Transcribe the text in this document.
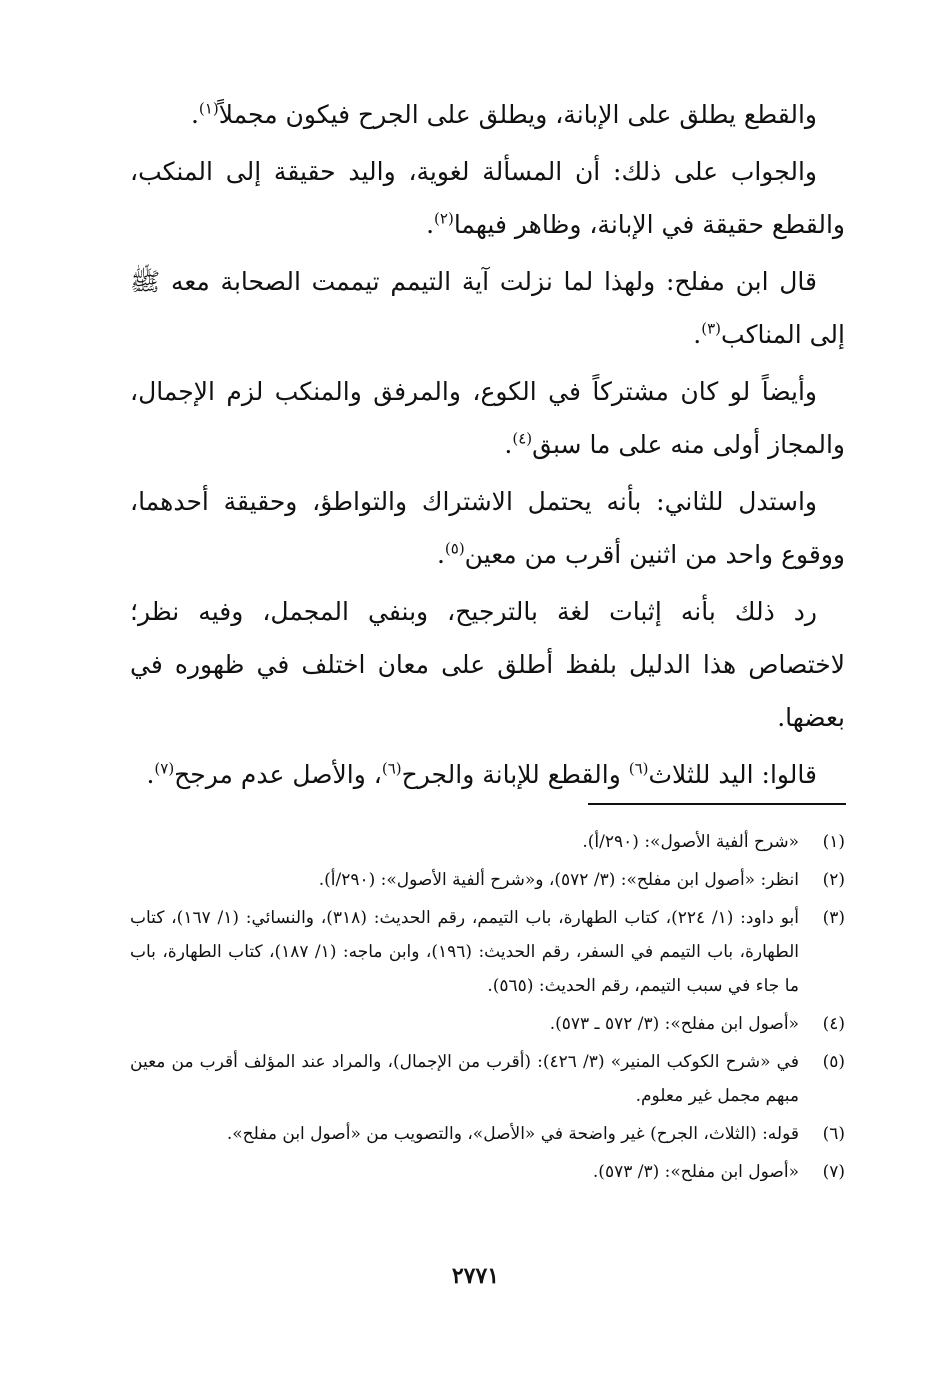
والقطع يطلق على الإبانة، ويطلق على الجرح فيكون مجملاً$^{(١)}$.

والجواب على ذلك: أن المسألة لغوية، واليد حقيقة إلى المنكب، والقطع حقيقة في الإبانة، وظاهر فيهما$^{(٢)}$.

قال ابن مفلح: ولهذا لما نزلت آية التيمم تيممت الصحابة معه ﷺ إلى المناكب$^{(٣)}$.

وأيضاً لو كان مشتركاً في الكوع، والمرفق والمنكب لزم الإجمال، والمجاز أولى منه على ما سبق$^{(٤)}$.

واستدل للثاني: بأنه يحتمل الاشتراك والتواطؤ، وحقيقة أحدهما، ووقوع واحد من اثنين أقرب من معين$^{(٥)}$.

رد ذلك بأنه إثبات لغة بالترجيح، وبنفي المجمل، وفيه نظر؛ لاختصاص هذا الدليل بلفظ أطلق على معان اختلف في ظهوره في بعضها.

قالوا: اليد للثلاث$^{(٦)}$ والقطع للإبانة والجرح$^{(٦)}$، والأصل عدم مرجح$^{(٧)}$.

(١)
«شرح ألفية الأصول»: (٢٩٠/أ).
(٢)
انظر: «أصول ابن مفلح»: (٣/ ٥٧٢)، و«شرح ألفية الأصول»: (٢٩٠/أ).
(٣)
أبو داود: (١/ ٢٢٤)، كتاب الطهارة، باب التيمم، رقم الحديث: (٣١٨)، والنسائي: (١/ ١٦٧)، كتاب الطهارة، باب التيمم في السفر، رقم الحديث: (١٩٦)، وابن ماجه: (١/ ١٨٧)، كتاب الطهارة، باب ما جاء في سبب التيمم، رقم الحديث: (٥٦٥).
(٤)
«أصول ابن مفلح»: (٣/ ٥٧٢ ـ ٥٧٣).
(٥)
في «شرح الكوكب المنير» (٣/ ٤٢٦): (أقرب من الإجمال)، والمراد عند المؤلف أقرب من معين مبهم مجمل غير معلوم.
(٦)
قوله: (الثلاث، الجرح) غير واضحة في «الأصل»، والتصويب من «أصول ابن مفلح».
(٧)
«أصول ابن مفلح»: (٣/ ٥٧٣).
٢٧٧١
